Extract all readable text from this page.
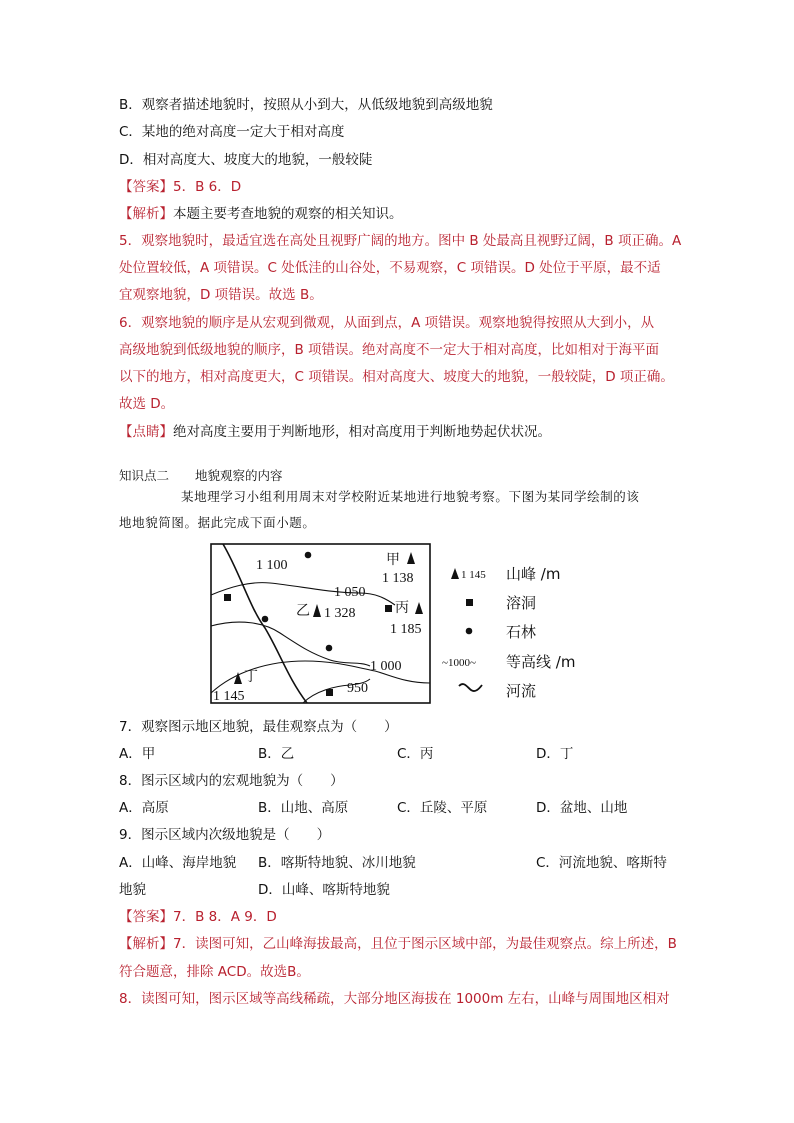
B．观察者描述地貌时，按照从小到大，从低级地貌到高级地貌
C．某地的绝对高度一定大于相对高度
D．相对高度大、坡度大的地貌，一般较陡
【答案】5．B 6．D
【解析】本题主要考查地貌的观察的相关知识。
5．观察地貌时，最适宜选在高处且视野广阔的地方。图中 B 处最高且视野辽阔，B 项正确。A
处位置较低，A 项错误。C 处低洼的山谷处，不易观察，C 项错误。D 处位于平原，最不适
宜观察地貌，D 项错误。故选 B。
6．观察地貌的顺序是从宏观到微观，从面到点，A 项错误。观察地貌得按照从大到小，从
高级地貌到低级地貌的顺序，B 项错误。绝对高度不一定大于相对高度，比如相对于海平面
以下的地方，相对高度更大，C 项错误。相对高度大、坡度大的地貌，一般较陡，D 项正确。
故选 D。
【点睛】绝对高度主要用于判断地形，相对高度用于判断地势起伏状况。
知识点二 地貌观察的内容
某地理学习小组利用周末对学校附近某地进行地貌考察。下图为某同学绘制的该
地地貌简图。据此完成下面小题。
1 100
1 050
1 000
950
甲
1 138
乙 1 328	丙
1 185
丁
1 145
1 145 山峰 /m
溶洞
石林
~1000~ 等高线 /m
河流
7．观察图示地区地貌，最佳观察点为（　　）
A．甲	B．乙	C．丙	D．丁
8．图示区域内的宏观地貌为（　　）
A．高原	B．山地、高原	C．丘陵、平原	D．盆地、山地
9．图示区域内次级地貌是（　　）
A．山峰、海岸地貌 B．喀斯特地貌、冰川地貌	C．河流地貌、喀斯特
地貌	D．山峰、喀斯特地貌
【答案】7．B 8．A 9．D
【解析】7．读图可知，乙山峰海拔最高，且位于图示区域中部，为最佳观察点。综上所述，B
符合题意，排除 ACD。故选B。
8．读图可知，图示区域等高线稀疏，大部分地区海拔在 1000m 左右，山峰与周围地区相对
